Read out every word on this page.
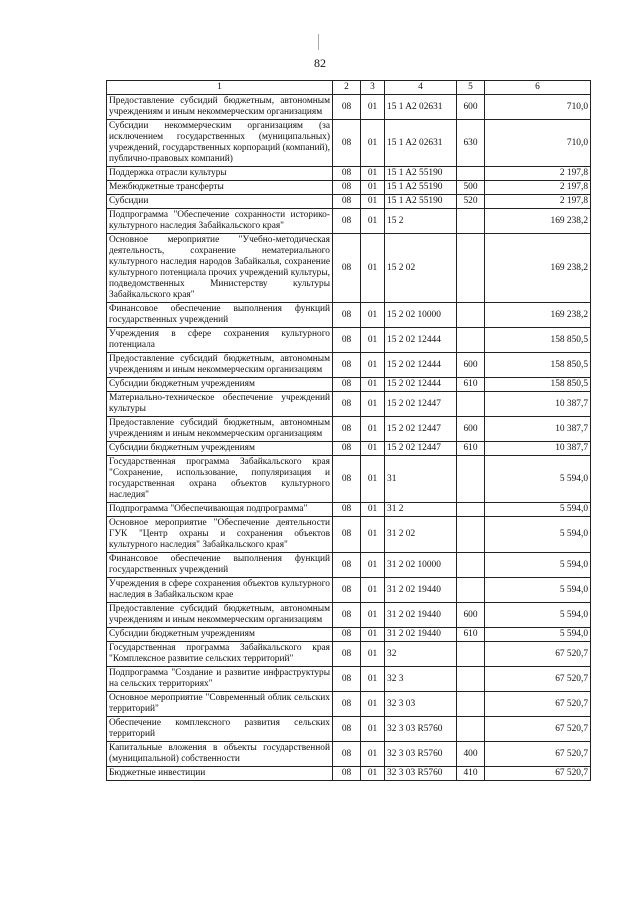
82
1	2	3	4	5	6
Предоставление субсидий бюджетным, автономным учреждениям и иным некоммерческим организациям	08	01	15 1 A2 02631	600	710,0
Субсидии некоммерческим организациям (за исключением государственных (муниципальных) учреждений, государственных корпораций (компаний), публично-правовых компаний)	08	01	15 1 A2 02631	630	710,0
Поддержка отрасли культуры	08	01	15 1 A2 55190		2 197,8
Межбюджетные трансферты	08	01	15 1 A2 55190	500	2 197,8
Субсидии	08	01	15 1 A2 55190	520	2 197,8
Подпрограмма "Обеспечение сохранности историко-культурного наследия Забайкальского края"	08	01	15 2		169 238,2
Основное мероприятие "Учебно-методическая деятельность, сохранение нематериального культурного наследия народов Забайкалья, сохранение культурного потенциала прочих учреждений культуры, подведомственных Министерству культуры Забайкальского края"	08	01	15 2 02		169 238,2
Финансовое обеспечение выполнения функций государственных учреждений	08	01	15 2 02 10000		169 238,2
Учреждения в сфере сохранения культурного потенциала	08	01	15 2 02 12444		158 850,5
Предоставление субсидий бюджетным, автономным учреждениям и иным некоммерческим организациям	08	01	15 2 02 12444	600	158 850,5
Субсидии бюджетным учреждениям	08	01	15 2 02 12444	610	158 850,5
Материально-техническое обеспечение учреждений культуры	08	01	15 2 02 12447		10 387,7
Предоставление субсидий бюджетным, автономным учреждениям и иным некоммерческим организациям	08	01	15 2 02 12447	600	10 387,7
Субсидии бюджетным учреждениям	08	01	15 2 02 12447	610	10 387,7
Государственная программа Забайкальского края "Сохранение, использование, популяризация и государственная охрана объектов культурного наследия"	08	01	31		5 594,0
Подпрограмма "Обеспечивающая подпрограмма"	08	01	31 2		5 594,0
Основное мероприятие "Обеспечение деятельности ГУК "Центр охраны и сохранения объектов культурного наследия" Забайкальского края"	08	01	31 2 02		5 594,0
Финансовое обеспечение выполнения функций государственных учреждений	08	01	31 2 02 10000		5 594,0
Учреждения в сфере сохранения объектов культурного наследия в Забайкальском крае	08	01	31 2 02 19440		5 594,0
Предоставление субсидий бюджетным, автономным учреждениям и иным некоммерческим организациям	08	01	31 2 02 19440	600	5 594,0
Субсидии бюджетным учреждениям	08	01	31 2 02 19440	610	5 594,0
Государственная программа Забайкальского края "Комплексное развитие сельских территорий"	08	01	32		67 520,7
Подпрограмма "Создание и развитие инфраструктуры на сельских территориях"	08	01	32 3		67 520,7
Основное мероприятие "Современный облик сельских территорий"	08	01	32 3 03		67 520,7
Обеспечение комплексного развития сельских территорий	08	01	32 3 03 R5760		67 520,7
Капитальные вложения в объекты государственной (муниципальной) собственности	08	01	32 3 03 R5760	400	67 520,7
Бюджетные инвестиции	08	01	32 3 03 R5760	410	67 520,7
